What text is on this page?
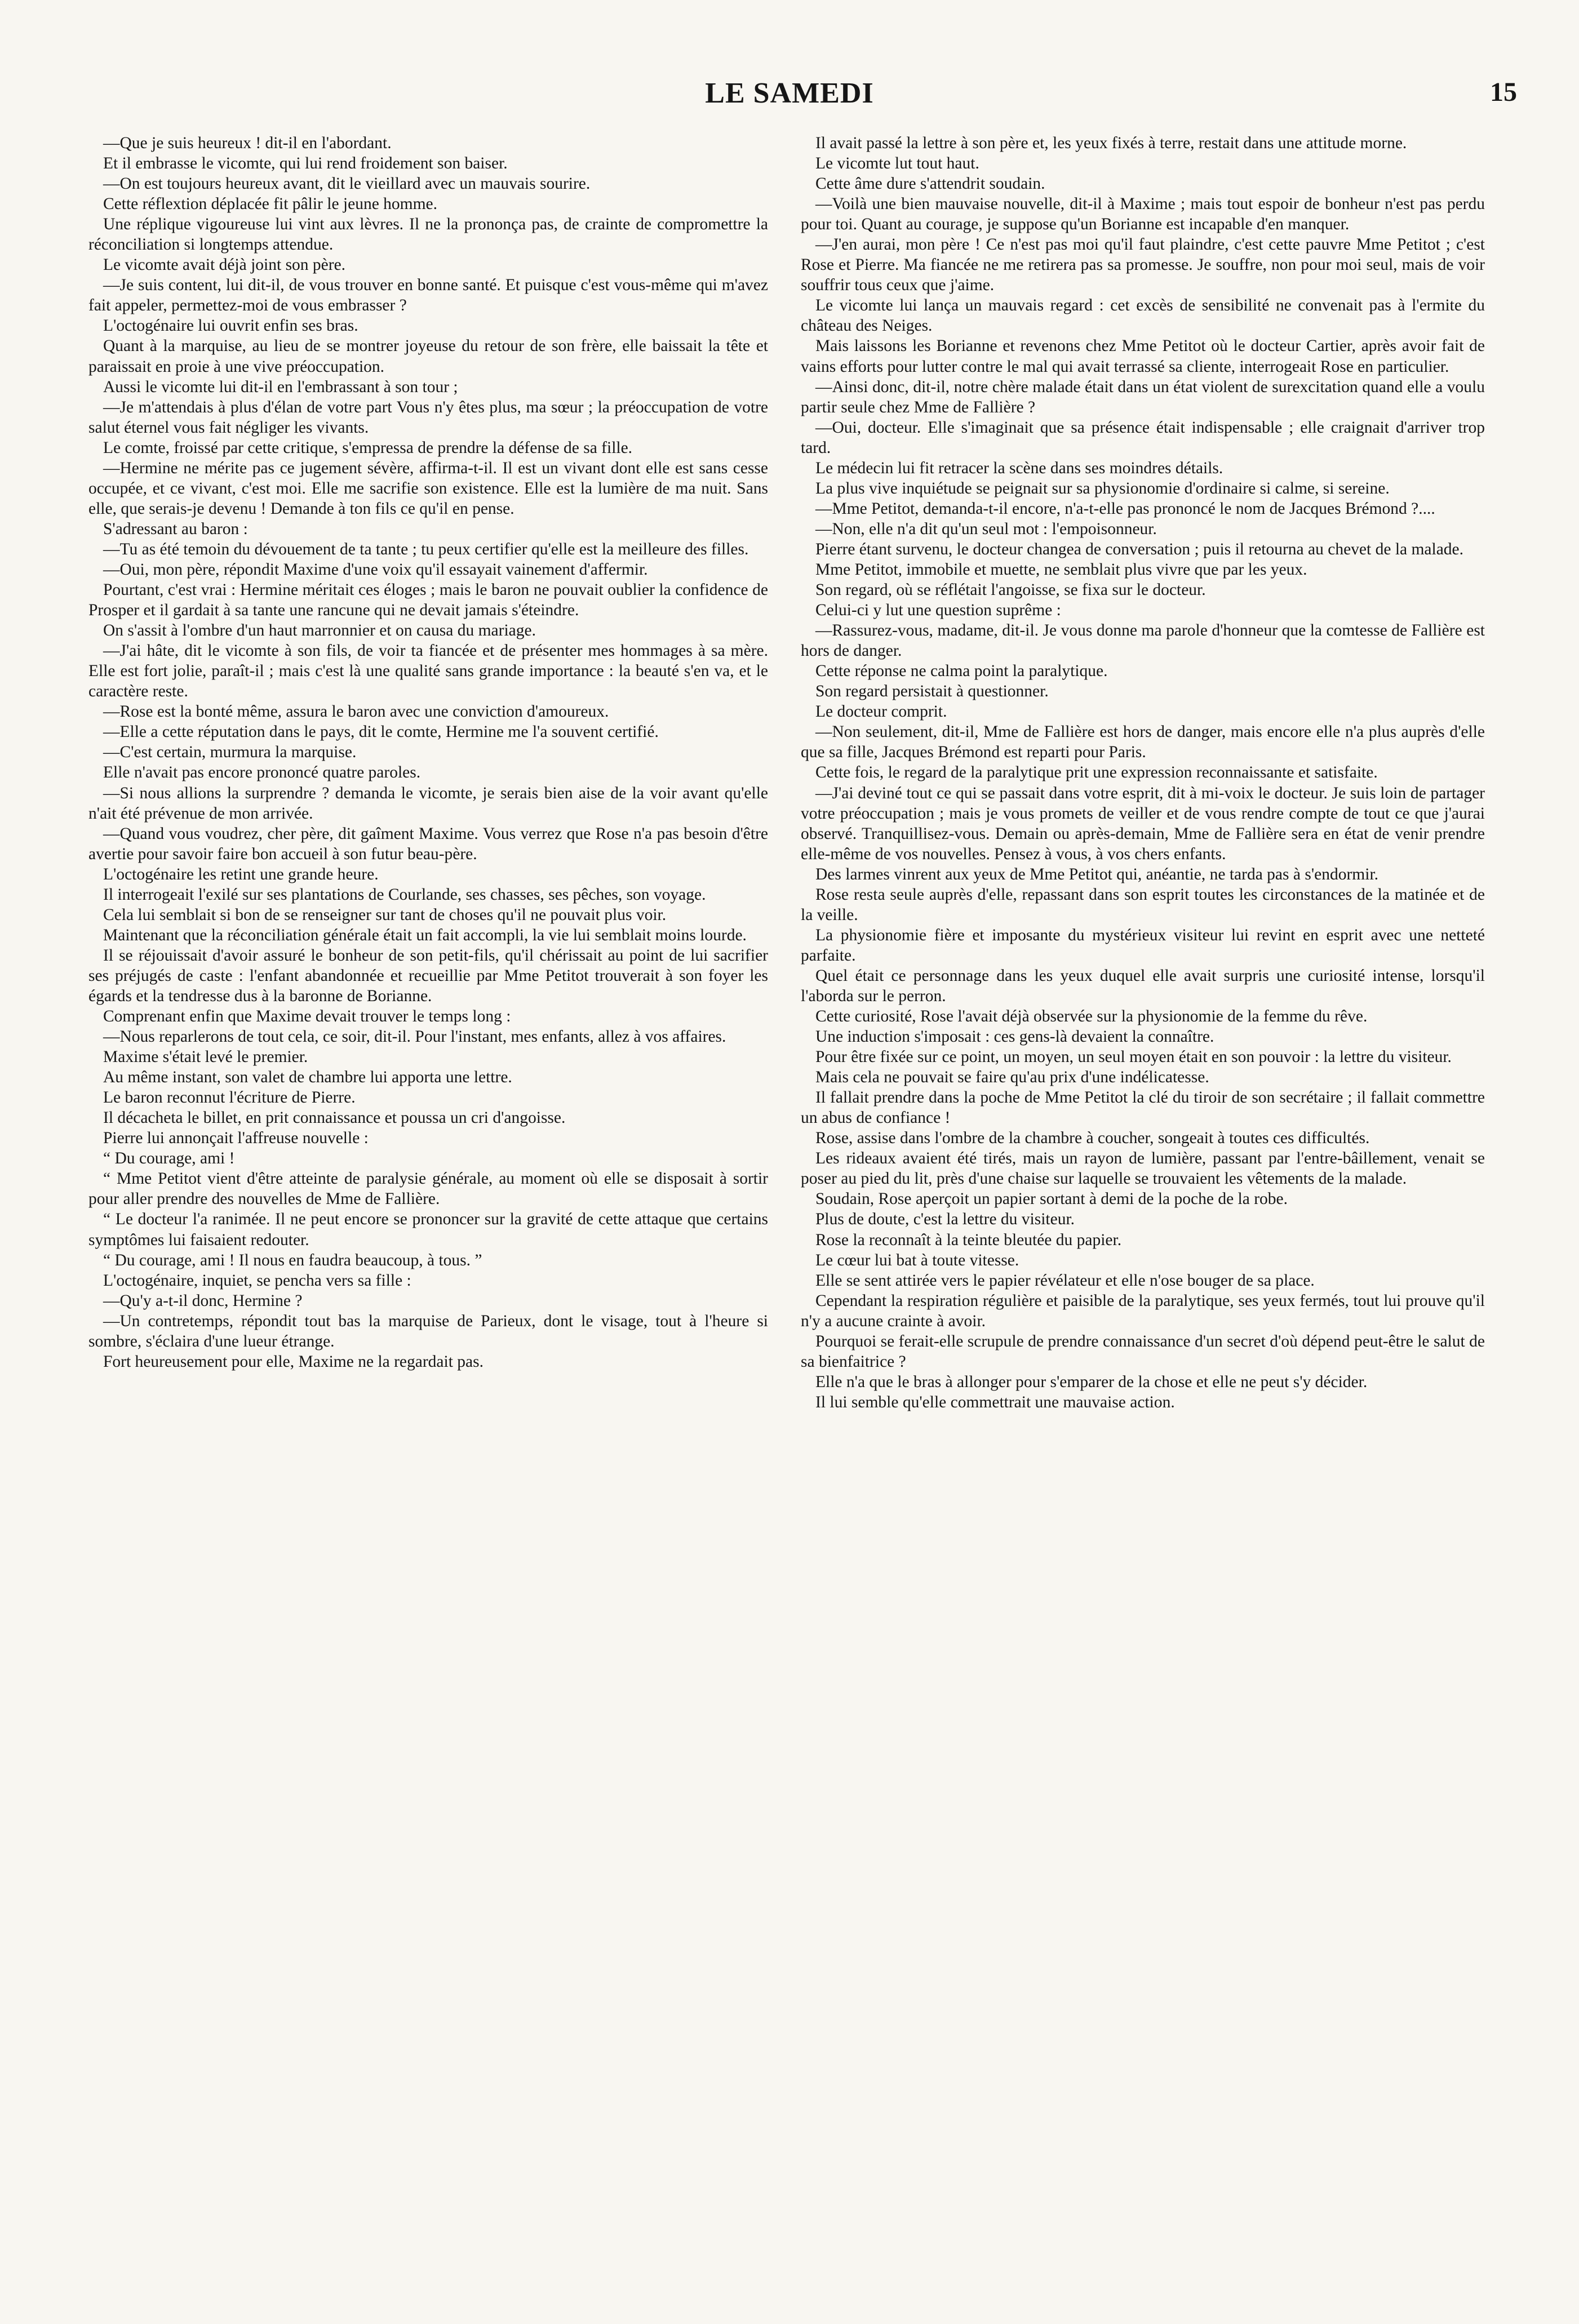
LE SAMEDI	15

—Que je suis heureux ! dit-il en l'abordant.

Et il embrasse le vicomte, qui lui rend froidement son baiser.

—On est toujours heureux avant, dit le vieillard avec un mauvais sourire.

Cette réflextion déplacée fit pâlir le jeune homme.

Une réplique vigoureuse lui vint aux lèvres. Il ne la prononça pas, de crainte de compromettre la réconciliation si longtemps attendue.

Le vicomte avait déjà joint son père.

—Je suis content, lui dit-il, de vous trouver en bonne santé. Et puisque c'est vous-même qui m'avez fait appeler, permettez-moi de vous embrasser ?

L'octogénaire lui ouvrit enfin ses bras.

Quant à la marquise, au lieu de se montrer joyeuse du retour de son frère, elle baissait la tête et paraissait en proie à une vive préoccupation.

Aussi le vicomte lui dit-il en l'embrassant à son tour ;

—Je m'attendais à plus d'élan de votre part Vous n'y êtes plus, ma sœur ; la préoccupation de votre salut éternel vous fait négliger les vivants.

Le comte, froissé par cette critique, s'empressa de prendre la défense de sa fille.

—Hermine ne mérite pas ce jugement sévère, affirma-t-il. Il est un vivant dont elle est sans cesse occupée, et ce vivant, c'est moi. Elle me sacrifie son existence. Elle est la lumière de ma nuit. Sans elle, que serais-je devenu ! Demande à ton fils ce qu'il en pense.

S'adressant au baron :

—Tu as été temoin du dévouement de ta tante ; tu peux certifier qu'elle est la meilleure des filles.

—Oui, mon père, répondit Maxime d'une voix qu'il essayait vainement d'affermir.

Pourtant, c'est vrai : Hermine méritait ces éloges ; mais le baron ne pouvait oublier la confidence de Prosper et il gardait à sa tante une rancune qui ne devait jamais s'éteindre.

On s'assit à l'ombre d'un haut marronnier et on causa du mariage.

—J'ai hâte, dit le vicomte à son fils, de voir ta fiancée et de présenter mes hommages à sa mère. Elle est fort jolie, paraît-il ; mais c'est là une qualité sans grande importance : la beauté s'en va, et le caractère reste.

—Rose est la bonté même, assura le baron avec une conviction d'amoureux.

—Elle a cette réputation dans le pays, dit le comte, Hermine me l'a souvent certifié.

—C'est certain, murmura la marquise.

Elle n'avait pas encore prononcé quatre paroles.

—Si nous allions la surprendre ? demanda le vicomte, je serais bien aise de la voir avant qu'elle n'ait été prévenue de mon arrivée.

—Quand vous voudrez, cher père, dit gaîment Maxime. Vous verrez que Rose n'a pas besoin d'être avertie pour savoir faire bon accueil à son futur beau-père.

L'octogénaire les retint une grande heure.

Il interrogeait l'exilé sur ses plantations de Courlande, ses chasses, ses pêches, son voyage.

Cela lui semblait si bon de se renseigner sur tant de choses qu'il ne pouvait plus voir.

Maintenant que la réconciliation générale était un fait accompli, la vie lui semblait moins lourde.

Il se réjouissait d'avoir assuré le bonheur de son petit-fils, qu'il chérissait au point de lui sacrifier ses préjugés de caste : l'enfant abandonnée et recueillie par Mme Petitot trouverait à son foyer les égards et la tendresse dus à la baronne de Borianne.

Comprenant enfin que Maxime devait trouver le temps long :

—Nous reparlerons de tout cela, ce soir, dit-il. Pour l'instant, mes enfants, allez à vos affaires.

Maxime s'était levé le premier.

Au même instant, son valet de chambre lui apporta une lettre.

Le baron reconnut l'écriture de Pierre.

Il décacheta le billet, en prit connaissance et poussa un cri d'angoisse.

Pierre lui annonçait l'affreuse nouvelle :

“ Du courage, ami !

“ Mme Petitot vient d'être atteinte de paralysie générale, au moment où elle se disposait à sortir pour aller prendre des nouvelles de Mme de Fallière.

“ Le docteur l'a ranimée. Il ne peut encore se prononcer sur la gravité de cette attaque que certains symptômes lui faisaient redouter.

“ Du courage, ami ! Il nous en faudra beaucoup, à tous. ”

L'octogénaire, inquiet, se pencha vers sa fille :

—Qu'y a-t-il donc, Hermine ?

—Un contretemps, répondit tout bas la marquise de Parieux, dont le visage, tout à l'heure si sombre, s'éclaira d'une lueur étrange.

Fort heureusement pour elle, Maxime ne la regardait pas.

Il avait passé la lettre à son père et, les yeux fixés à terre, restait dans une attitude morne.

Le vicomte lut tout haut.

Cette âme dure s'attendrit soudain.

—Voilà une bien mauvaise nouvelle, dit-il à Maxime ; mais tout espoir de bonheur n'est pas perdu pour toi. Quant au courage, je suppose qu'un Borianne est incapable d'en manquer.

—J'en aurai, mon père ! Ce n'est pas moi qu'il faut plaindre, c'est cette pauvre Mme Petitot ; c'est Rose et Pierre. Ma fiancée ne me retirera pas sa promesse. Je souffre, non pour moi seul, mais de voir souffrir tous ceux que j'aime.

Le vicomte lui lança un mauvais regard : cet excès de sensibilité ne convenait pas à l'ermite du château des Neiges.

Mais laissons les Borianne et revenons chez Mme Petitot où le docteur Cartier, après avoir fait de vains efforts pour lutter contre le mal qui avait terrassé sa cliente, interrogeait Rose en particulier.

—Ainsi donc, dit-il, notre chère malade était dans un état violent de surexcitation quand elle a voulu partir seule chez Mme de Fallière ?

—Oui, docteur. Elle s'imaginait que sa présence était indispensable ; elle craignait d'arriver trop tard.

Le médecin lui fit retracer la scène dans ses moindres détails.

La plus vive inquiétude se peignait sur sa physionomie d'ordinaire si calme, si sereine.

—Mme Petitot, demanda-t-il encore, n'a-t-elle pas prononcé le nom de Jacques Brémond ?....

—Non, elle n'a dit qu'un seul mot : l'empoisonneur.

Pierre étant survenu, le docteur changea de conversation ; puis il retourna au chevet de la malade.

Mme Petitot, immobile et muette, ne semblait plus vivre que par les yeux.

Son regard, où se réflétait l'angoisse, se fixa sur le docteur.

Celui-ci y lut une question suprême :

—Rassurez-vous, madame, dit-il. Je vous donne ma parole d'honneur que la comtesse de Fallière est hors de danger.

Cette réponse ne calma point la paralytique.

Son regard persistait à questionner.

Le docteur comprit.

—Non seulement, dit-il, Mme de Fallière est hors de danger, mais encore elle n'a plus auprès d'elle que sa fille, Jacques Brémond est reparti pour Paris.

Cette fois, le regard de la paralytique prit une expression reconnaissante et satisfaite.

—J'ai deviné tout ce qui se passait dans votre esprit, dit à mi-voix le docteur. Je suis loin de partager votre préoccupation ; mais je vous promets de veiller et de vous rendre compte de tout ce que j'aurai observé. Tranquillisez-vous. Demain ou après-demain, Mme de Fallière sera en état de venir prendre elle-même de vos nouvelles. Pensez à vous, à vos chers enfants.

Des larmes vinrent aux yeux de Mme Petitot qui, anéantie, ne tarda pas à s'endormir.

Rose resta seule auprès d'elle, repassant dans son esprit toutes les circonstances de la matinée et de la veille.

La physionomie fière et imposante du mystérieux visiteur lui revint en esprit avec une netteté parfaite.

Quel était ce personnage dans les yeux duquel elle avait surpris une curiosité intense, lorsqu'il l'aborda sur le perron.

Cette curiosité, Rose l'avait déjà observée sur la physionomie de la femme du rêve.

Une induction s'imposait : ces gens-là devaient la connaître.

Pour être fixée sur ce point, un moyen, un seul moyen était en son pouvoir : la lettre du visiteur.

Mais cela ne pouvait se faire qu'au prix d'une indélicatesse.

Il fallait prendre dans la poche de Mme Petitot la clé du tiroir de son secrétaire ; il fallait commettre un abus de confiance !

Rose, assise dans l'ombre de la chambre à coucher, songeait à toutes ces difficultés.

Les rideaux avaient été tirés, mais un rayon de lumière, passant par l'entre-bâillement, venait se poser au pied du lit, près d'une chaise sur laquelle se trouvaient les vêtements de la malade.

Soudain, Rose aperçoit un papier sortant à demi de la poche de la robe.

Plus de doute, c'est la lettre du visiteur.

Rose la reconnaît à la teinte bleutée du papier.

Le cœur lui bat à toute vitesse.

Elle se sent attirée vers le papier révélateur et elle n'ose bouger de sa place.

Cependant la respiration régulière et paisible de la paralytique, ses yeux fermés, tout lui prouve qu'il n'y a aucune crainte à avoir.

Pourquoi se ferait-elle scrupule de prendre connaissance d'un secret d'où dépend peut-être le salut de sa bienfaitrice ?

Elle n'a que le bras à allonger pour s'emparer de la chose et elle ne peut s'y décider.

Il lui semble qu'elle commettrait une mauvaise action.
